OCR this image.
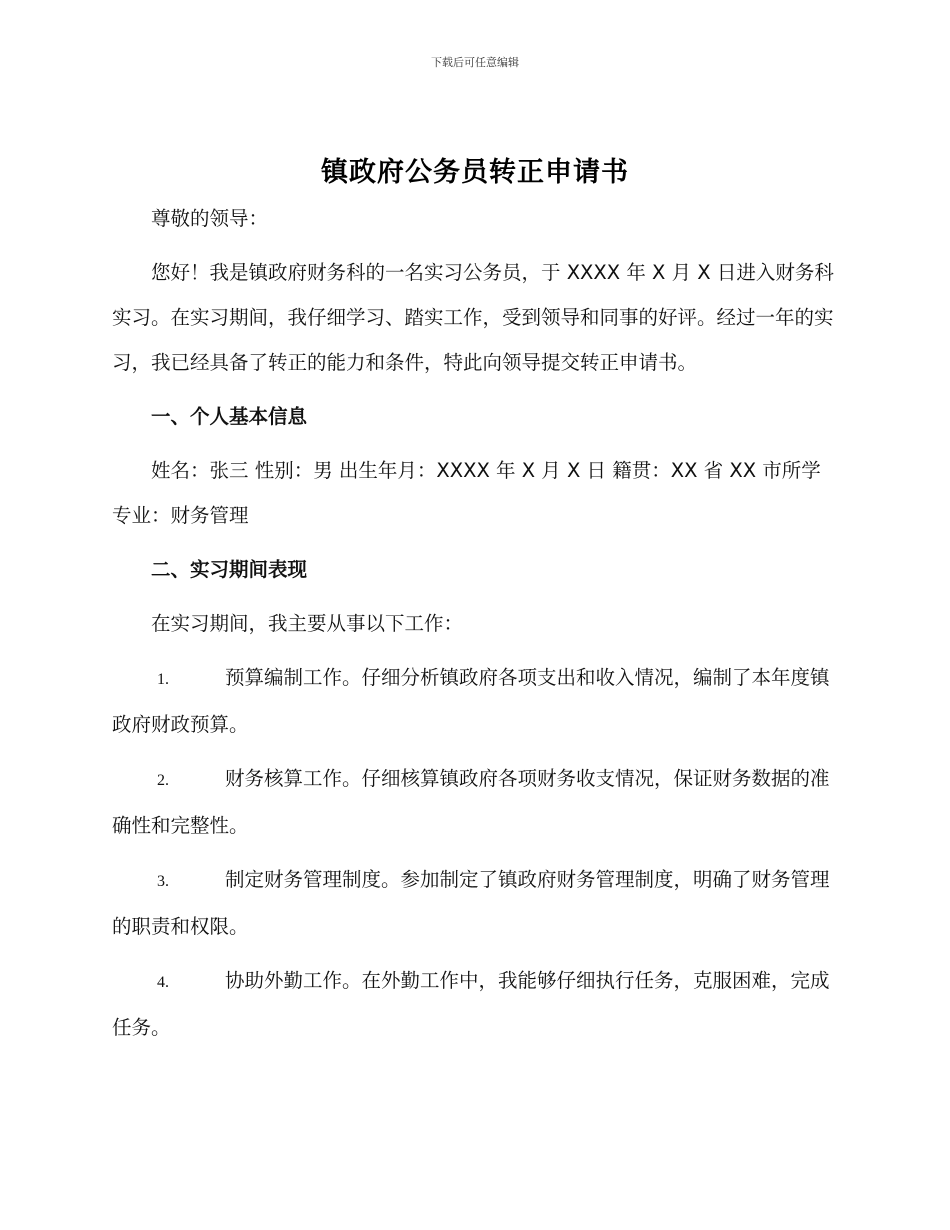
下载后可任意编辑
镇政府公务员转正申请书

尊敬的领导：

您好！我是镇政府财务科的一名实习公务员，于 XXXX 年 X 月 X 日进入财务科实习。在实习期间，我仔细学习、踏实工作，受到领导和同事的好评。经过一年的实习，我已经具备了转正的能力和条件，特此向领导提交转正申请书。

一、个人基本信息

姓名：张三 性别：男 出生年月：XXXX 年 X 月 X 日 籍贯：XX 省 XX 市所学专业：财务管理

二、实习期间表现

在实习期间，我主要从事以下工作：

1.	预算编制工作。仔细分析镇政府各项支出和收入情况，编制了本年度镇政府财政预算。

2.	财务核算工作。仔细核算镇政府各项财务收支情况，保证财务数据的准确性和完整性。

3.	制定财务管理制度。参加制定了镇政府财务管理制度，明确了财务管理的职责和权限。

4.	协助外勤工作。在外勤工作中，我能够仔细执行任务，克服困难，完成任务。
